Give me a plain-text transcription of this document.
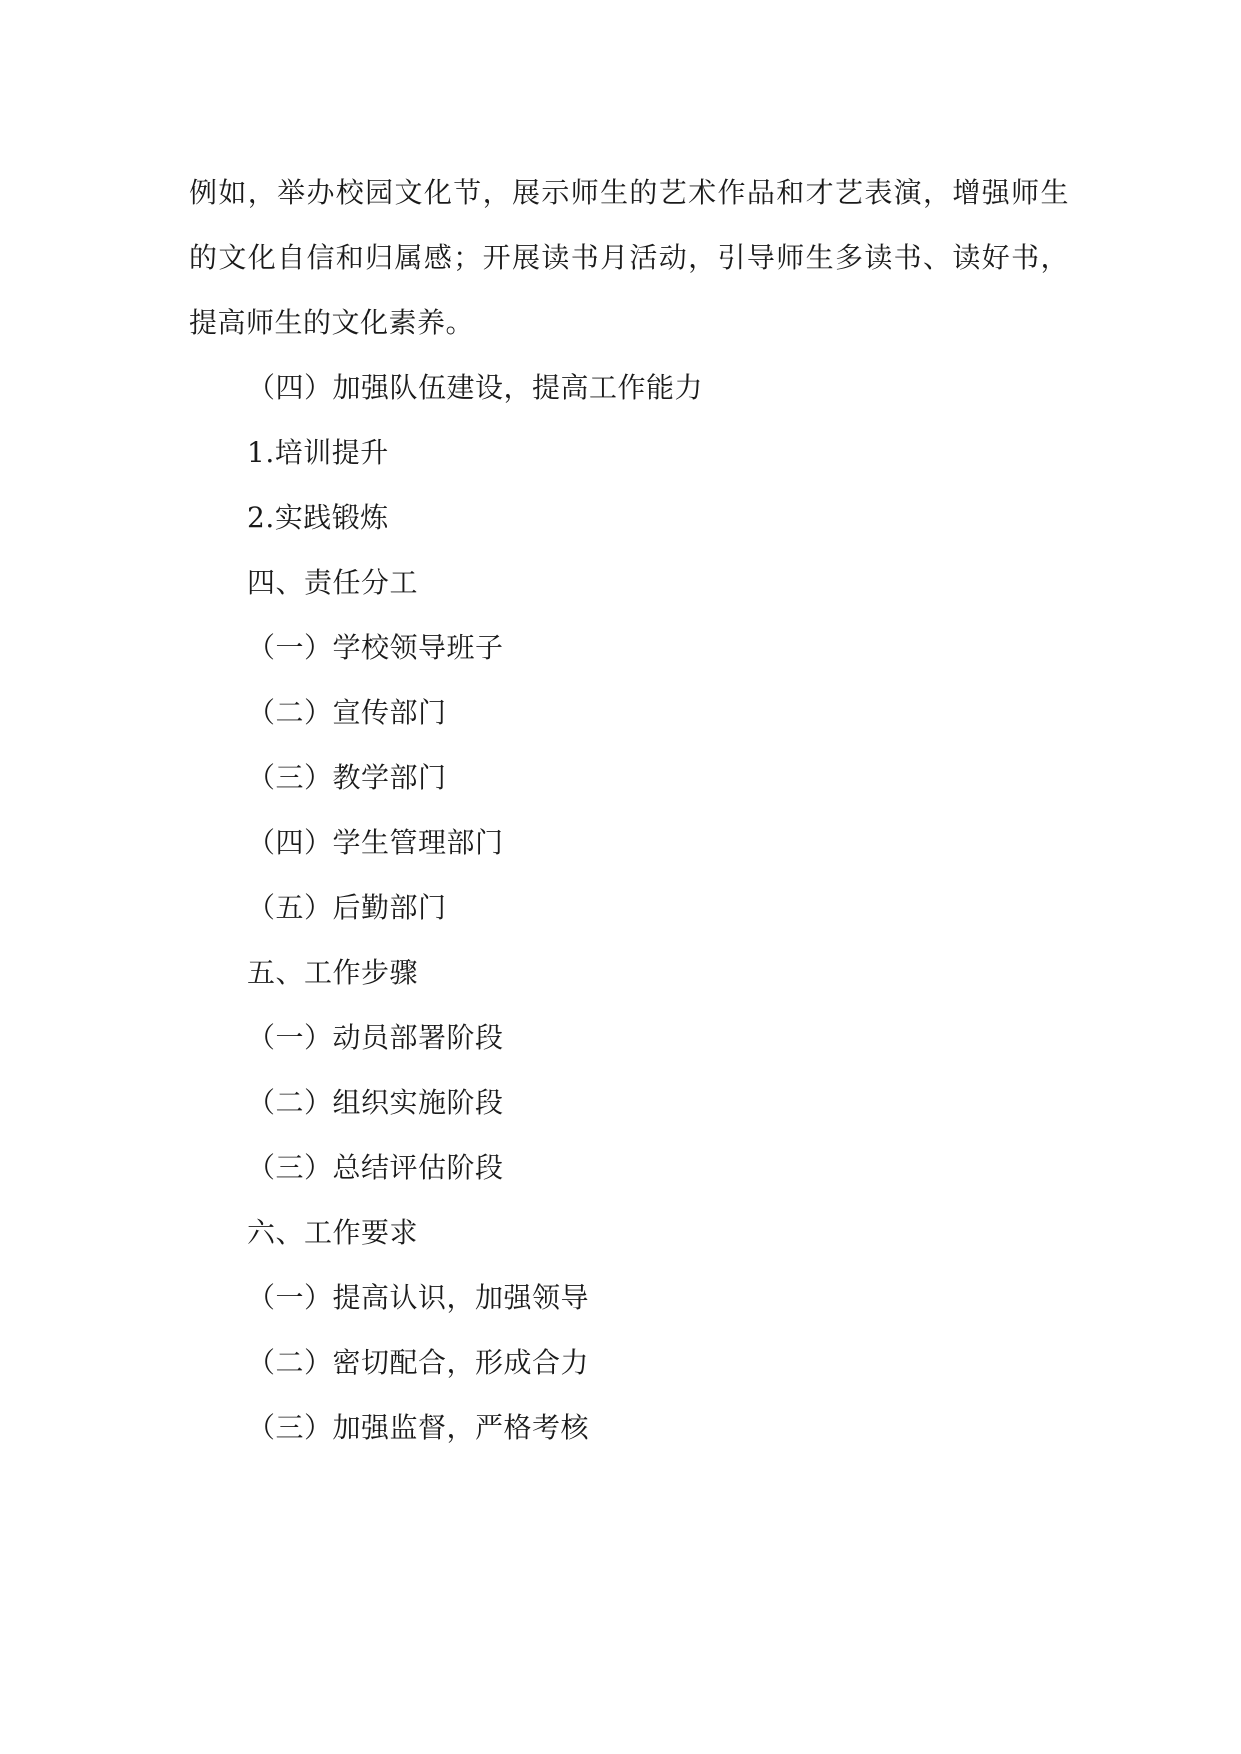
例如，举办校园文化节，展示师生的艺术作品和才艺表演，增强师生的文化自信和归属感；开展读书月活动，引导师生多读书、读好书，提高师生的文化素养。

（四）加强队伍建设，提高工作能力

1.培训提升

2.实践锻炼

四、责任分工

（一）学校领导班子

（二）宣传部门

（三）教学部门

（四）学生管理部门

（五）后勤部门

五、工作步骤

（一）动员部署阶段

（二）组织实施阶段

（三）总结评估阶段

六、工作要求

（一）提高认识，加强领导

（二）密切配合，形成合力

（三）加强监督，严格考核
